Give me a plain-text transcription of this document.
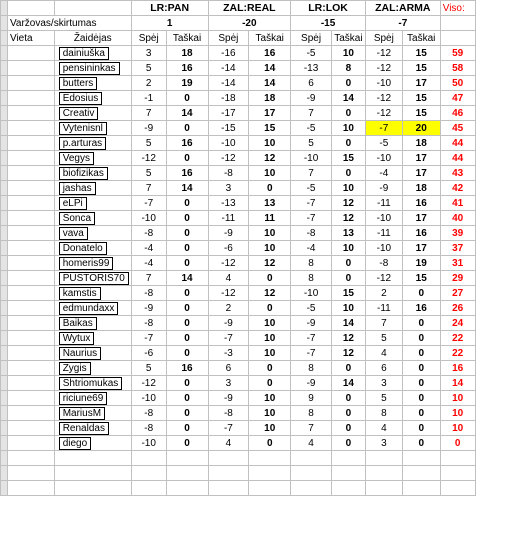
			LR:PAN		ZAL:REAL		LR:LOK		ZAL:ARMA		Viso:
	Varžovas/skirtumas		1		-20		-15		-7		
	Vieta	Žaidėjas	Spėj	Taškai	Spėj	Taškai	Spėj	Taškai	Spėj	Taškai	
		dainiuška	3	18	-16	16	-5	10	-12	15	59
		pensininkas	5	16	-14	14	-13	8	-12	15	58
		butters	2	19	-14	14	6	0	-10	17	50
		Edosius	-1	0	-18	18	-9	14	-12	15	47
		Creativ	7	14	-17	17	7	0	-12	15	46
		Vytenisnl	-9	0	-15	15	-5	10	-7	20	45
		p.arturas	5	16	-10	10	5	0	-5	18	44
		Vegys	-12	0	-12	12	-10	15	-10	17	44
		biofizikas	5	16	-8	10	7	0	-4	17	43
		jashas	7	14	3	0	-5	10	-9	18	42
		eLPi	-7	0	-13	13	-7	12	-11	16	41
		Sonca	-10	0	-11	11	-7	12	-10	17	40
		vava	-8	0	-9	10	-8	13	-11	16	39
		Donatelo	-4	0	-6	10	-4	10	-10	17	37
		homeris99	-4	0	-12	12	8	0	-8	19	31
		PUSTORIS70	7	14	4	0	8	0	-12	15	29
		kamstis	-8	0	-12	12	-10	15	2	0	27
		edmundaxx	-9	0	2	0	-5	10	-11	16	26
		Baikas	-8	0	-9	10	-9	14	7	0	24
		Wytux	-7	0	-7	10	-7	12	5	0	22
		Naurius	-6	0	-3	10	-7	12	4	0	22
		Zygis	5	16	6	0	8	0	6	0	16
		Shtriomukas	-12	0	3	0	-9	14	3	0	14
		riciune69	-10	0	-9	10	9	0	5	0	10
		MariusM	-8	0	-8	10	8	0	8	0	10
		Renaldas	-8	0	-7	10	7	0	4	0	10
		diego	-10	0	4	0	4	0	3	0	0
